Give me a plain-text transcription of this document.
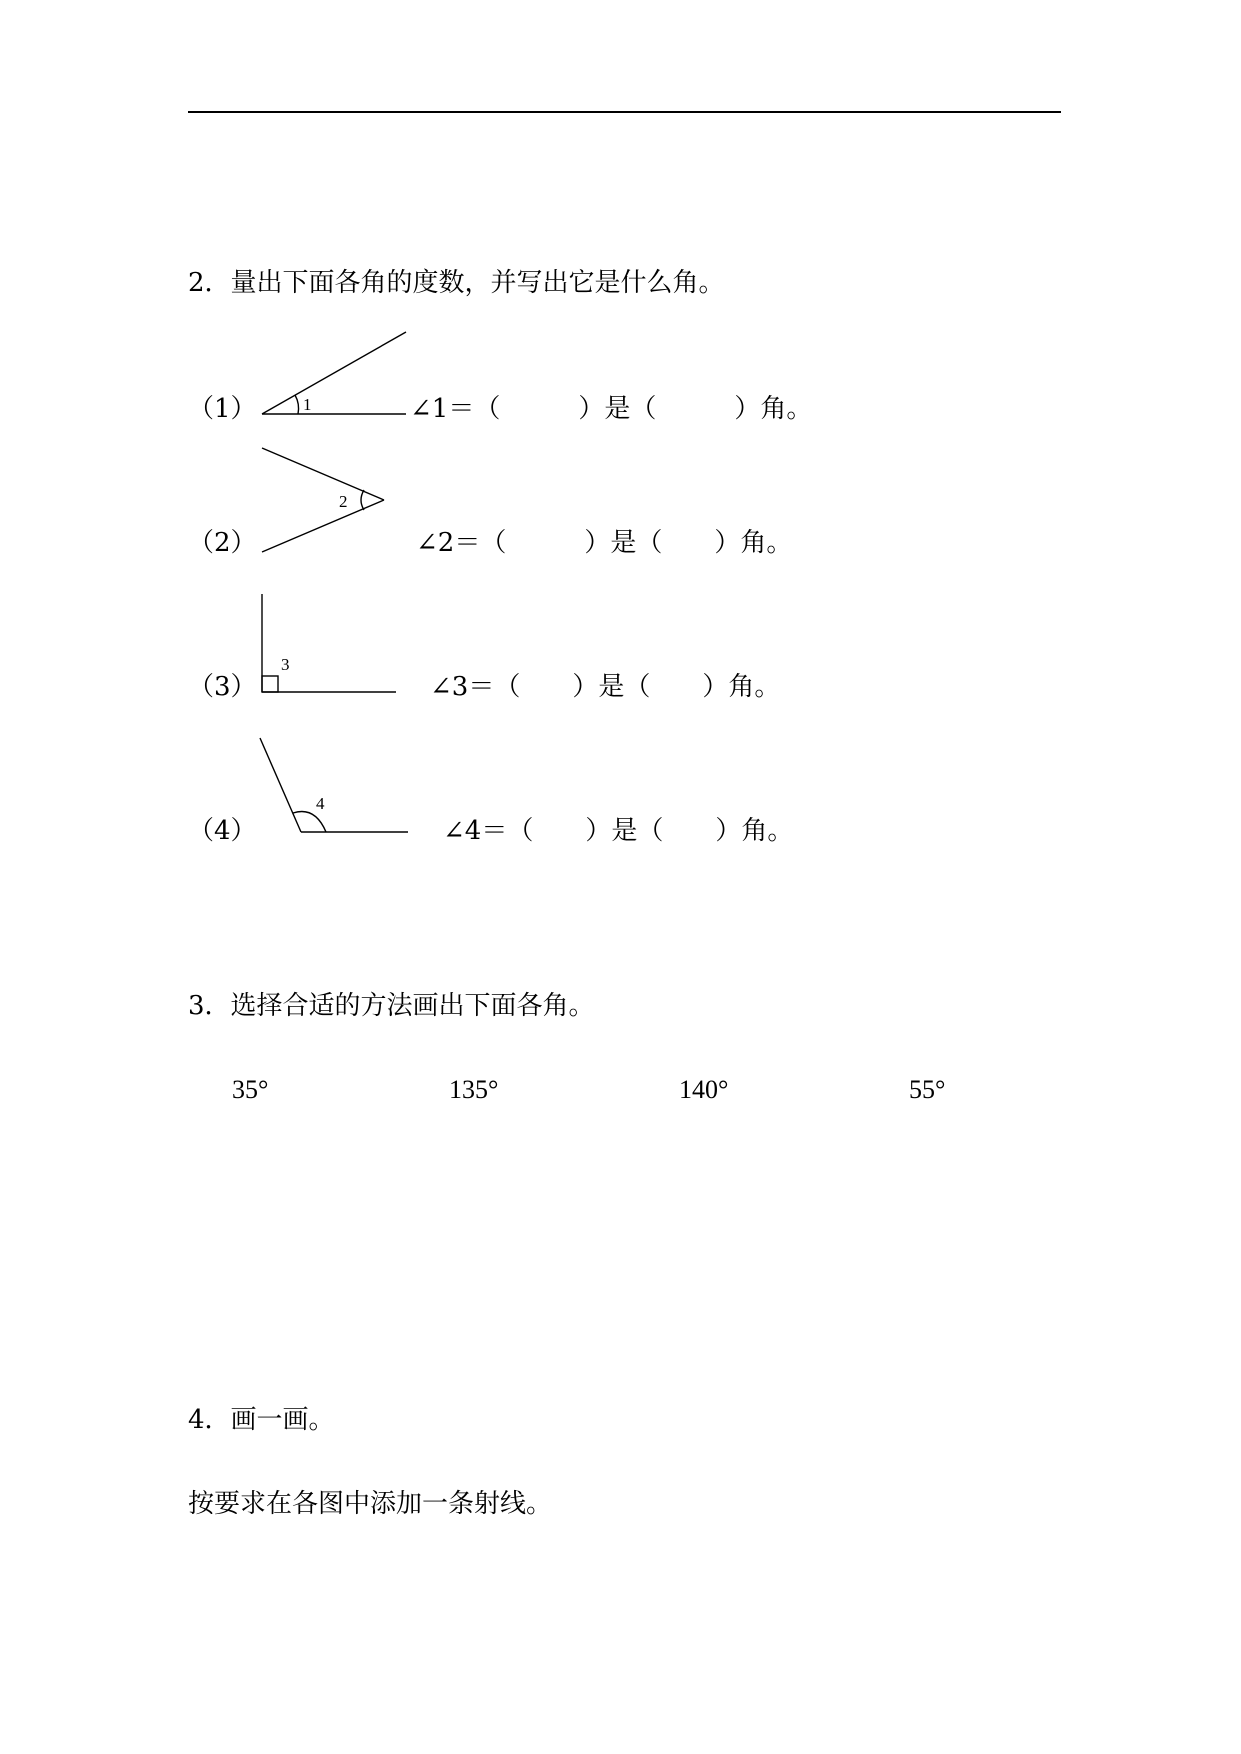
2．量出下面各角的度数，并写出它是什么角。
（1）	1	∠1＝（　　　）是（　　　）角。
（2）
2
∠2＝（　　　）是（　　）角。
（3）
3
∠3＝（　　）是（　　）角。
（4）
4
∠4＝（　　）是（　　）角。
3．选择合适的方法画出下面各角。
35°	135°	140°	55°
4．画一画。
按要求在各图中添加一条射线。
